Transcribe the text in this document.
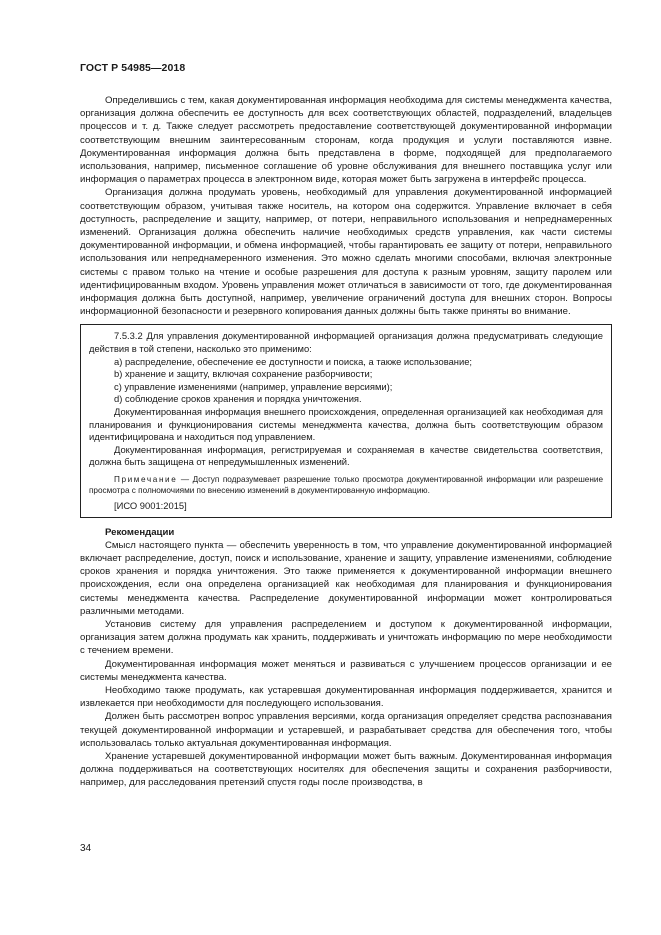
ГОСТ Р 54985—2018

Определившись с тем, какая документированная информация необходима для системы менеджмента качества, организация должна обеспечить ее доступность для всех соответствующих областей, подразделений, владельцев процессов и т. д. Также следует рассмотреть предоставление соответствующей документированной информации соответствующим внешним заинтересованным сторонам, когда продукция и услуги поставляются извне. Документированная информация должна быть представлена в форме, подходящей для предполагаемого использования, например, письменное соглашение об уровне обслуживания для внешнего поставщика услуг или информация о параметрах процесса в электронном виде, которая может быть загружена в интерфейс процесса.

Организация должна продумать уровень, необходимый для управления документированной информацией соответствующим образом, учитывая также носитель, на котором она содержится. Управление включает в себя доступность, распределение и защиту, например, от потери, неправильного использования и непреднамеренных изменений. Организация должна обеспечить наличие необходимых средств управления, как части системы документированной информации, и обмена информацией, чтобы гарантировать ее защиту от потери, неправильного использования или непреднамеренного изменения. Это можно сделать многими способами, включая электронные системы с правом только на чтение и особые разрешения для доступа к разным уровням, защиту паролем или идентифицированным входом. Уровень управления может отличаться в зависимости от того, где документированная информация должна быть доступной, например, увеличение ограничений доступа для внешних сторон. Вопросы информационной безопасности и резервного копирования данных должны быть также приняты во внимание.

7.5.3.2 Для управления документированной информацией организация должна предусматривать следующие действия в той степени, насколько это применимо:

а) распределение, обеспечение ее доступности и поиска, а также использование;

b) хранение и защиту, включая сохранение разборчивости;

c) управление изменениями (например, управление версиями);

d) соблюдение сроков хранения и порядка уничтожения.

Документированная информация внешнего происхождения, определенная организацией как необходимая для планирования и функционирования системы менеджмента качества, должна быть соответствующим образом идентифицирована и находиться под управлением.

Документированная информация, регистрируемая и сохраняемая в качестве свидетельства соответствия, должна быть защищена от непредумышленных изменений.

Примечание — Доступ подразумевает разрешение только просмотра документированной информации или разрешение просмотра с полномочиями по внесению изменений в документированную информацию.

[ИСО 9001:2015]

Рекомендации

Смысл настоящего пункта — обеспечить уверенность в том, что управление документированной информацией включает распределение, доступ, поиск и использование, хранение и защиту, управление изменениями, соблюдение сроков хранения и порядка уничтожения. Это также применяется к документированной информации внешнего происхождения, если она определена организацией как необходимая для планирования и функционирования системы менеджмента качества. Распределение документированной информации может контролироваться различными методами.

Установив систему для управления распределением и доступом к документированной информации, организация затем должна продумать как хранить, поддерживать и уничтожать информацию по мере необходимости с течением времени.

Документированная информация может меняться и развиваться с улучшением процессов организации и ее системы менеджмента качества.

Необходимо также продумать, как устаревшая документированная информация поддерживается, хранится и извлекается при необходимости для последующего использования.

Должен быть рассмотрен вопрос управления версиями, когда организация определяет средства распознавания текущей документированной информации и устаревшей, и разрабатывает средства для обеспечения того, чтобы использовалась только актуальная документированная информация.

Хранение устаревшей документированной информации может быть важным. Документированная информация должна поддерживаться на соответствующих носителях для обеспечения защиты и сохранения разборчивости, например, для расследования претензий спустя годы после производства, в

34
